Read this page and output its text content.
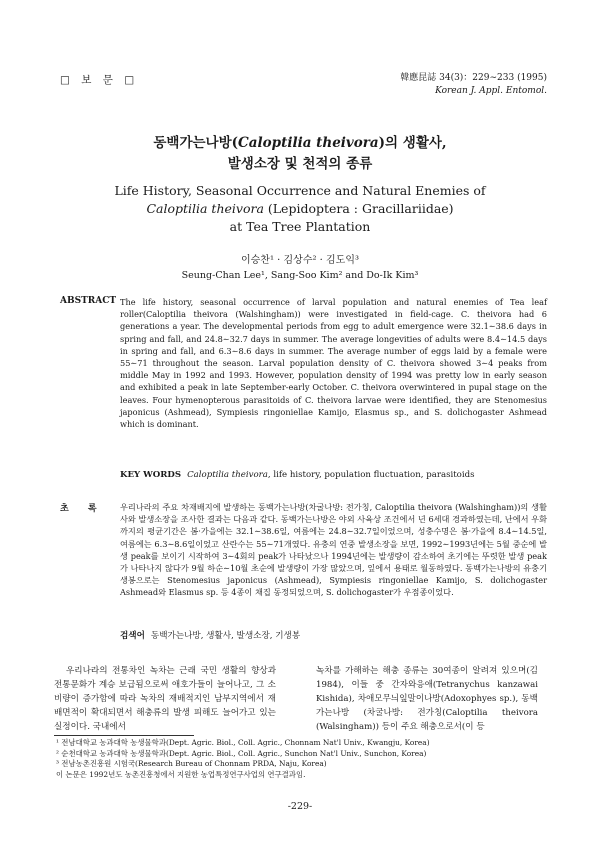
□ 보 문 □	韓應昆誌 34(3)：229∼233 (1995)
Korean J. Appl. Entomol.
동백가는나방(Caloptilia theivora)의 생활사,
발생소장 및 천적의 종류
Life History, Seasonal Occurrence and Natural Enemies of
Caloptilia theivora (Lepidoptera : Gracillariidae)
at Tea Tree Plantation
이승찬¹ · 김상수² · 김도익³
Seung-Chan Lee¹, Sang-Soo Kim² and Do-Ik Kim³
ABSTRACT The life history, seasonal occurrence of larval population and natural enemies of Tea leaf roller(Caloptilia theivora (Walshingham)) were investigated in field-cage. C. theivora had 6 generations a year. The developmental periods from egg to adult emergence were 32.1∼38.6 days in spring and fall, and 24.8∼32.7 days in summer. The average longevities of adults were 8.4∼14.5 days in spring and fall, and 6.3∼8.6 days in summer. The average number of eggs laid by a female were 55∼71 throughout the season. Larval population density of C. theivora showed 3∼4 peaks from middle May in 1992 and 1993. However, population density of 1994 was pretty low in early season and exhibited a peak in late September-early October. C. theivora overwintered in pupal stage on the leaves. Four hymenopterous parasitoids of C. theivora larvae were identified, they are Stenomesius japonicus (Ashmead), Sympiesis ringoniellae Kamijo, Elasmus sp., and S. dolichogaster Ashmead which is dominant.
KEY WORDS Caloptilia theivora, life history, population fluctuation, parasitoids
초 록 우리나라의 주요 차재배지에 발생하는 동백가는나방(차굴나방: 전가칭, Caloptilia theivora (Walshingham))의 생활사와 발생소장을 조사한 결과는 다음과 같다. 동백가는나방은 야외 사육상 조건에서 년 6세대 경과하였는데, 난에서 우화까지의 평균기간은 봄·가을에는 32.1∼38.6일, 여름에는 24.8∼32.7일이었으며, 성충수명은 봄·가을에 8.4∼14.5일, 여름에는 6.3∼8.6일이었고 산란수는 55∼71개였다. 유충의 연중 발생소장을 보면, 1992∼1993년에는 5월 중순에 발생 peak를 보이기 시작하여 3∼4회의 peak가 나타났으나 1994년에는 발생량이 감소하여 초기에는 뚜렷한 발생 peak가 나타나지 않다가 9월 하순∼10월 초순에 발생량이 가장 많았으며, 잎에서 용태로 월동하였다. 동백가는나방의 유충기생봉으로는 Stenomesius japonicus (Ashmead), Sympiesis ringoniellae Kamijo, S. dolichogaster Ashmead와 Elasmus sp. 등 4종이 채집 동정되었으며, S. dolichogaster가 우점종이었다.
검색어 동백가는나방, 생활사, 발생소장, 기생봉
우리나라의 전통차인 녹차는 근래 국민 생활의 향상과 전통문화가 계승 보급됨으로써 애호가들이 늘어나고, 그 소비량이 증가함에 따라 녹차의 재배적지인 남부지역에서 재배면적이 확대되면서 해충류의 발생 피해도 늘어가고 있는 실정이다. 국내에서
녹차를 가해하는 해충 종류는 30여종이 알려져 있으며(김 1984), 이들 중 간자와응애(Tetranychus kanzawai Kishida), 차애모무늬잎말이나방(Adoxophyes sp.), 동백가는나방 (차굴나방: 전가칭(Caloptilia theivora (Walsingham)) 등이 주요 해충으로서(이 등
¹ 전남대학교 농과대학 농생물학과(Dept. Agric. Biol., Coll. Agric., Chonnam Nat'l Univ., Kwangju, Korea)
² 순천대학교 농과대학 농생물학과(Dept. Agric. Biol., Coll. Agric., Sunchon Nat'l Univ., Sunchon, Korea)
³ 전남농촌진흥원 시험국(Research Bureau of Chonnam PRDA, Naju, Korea)
이 논문은 1992년도 농촌진흥청에서 지원한 농업특정연구사업의 연구결과임.
-229-
